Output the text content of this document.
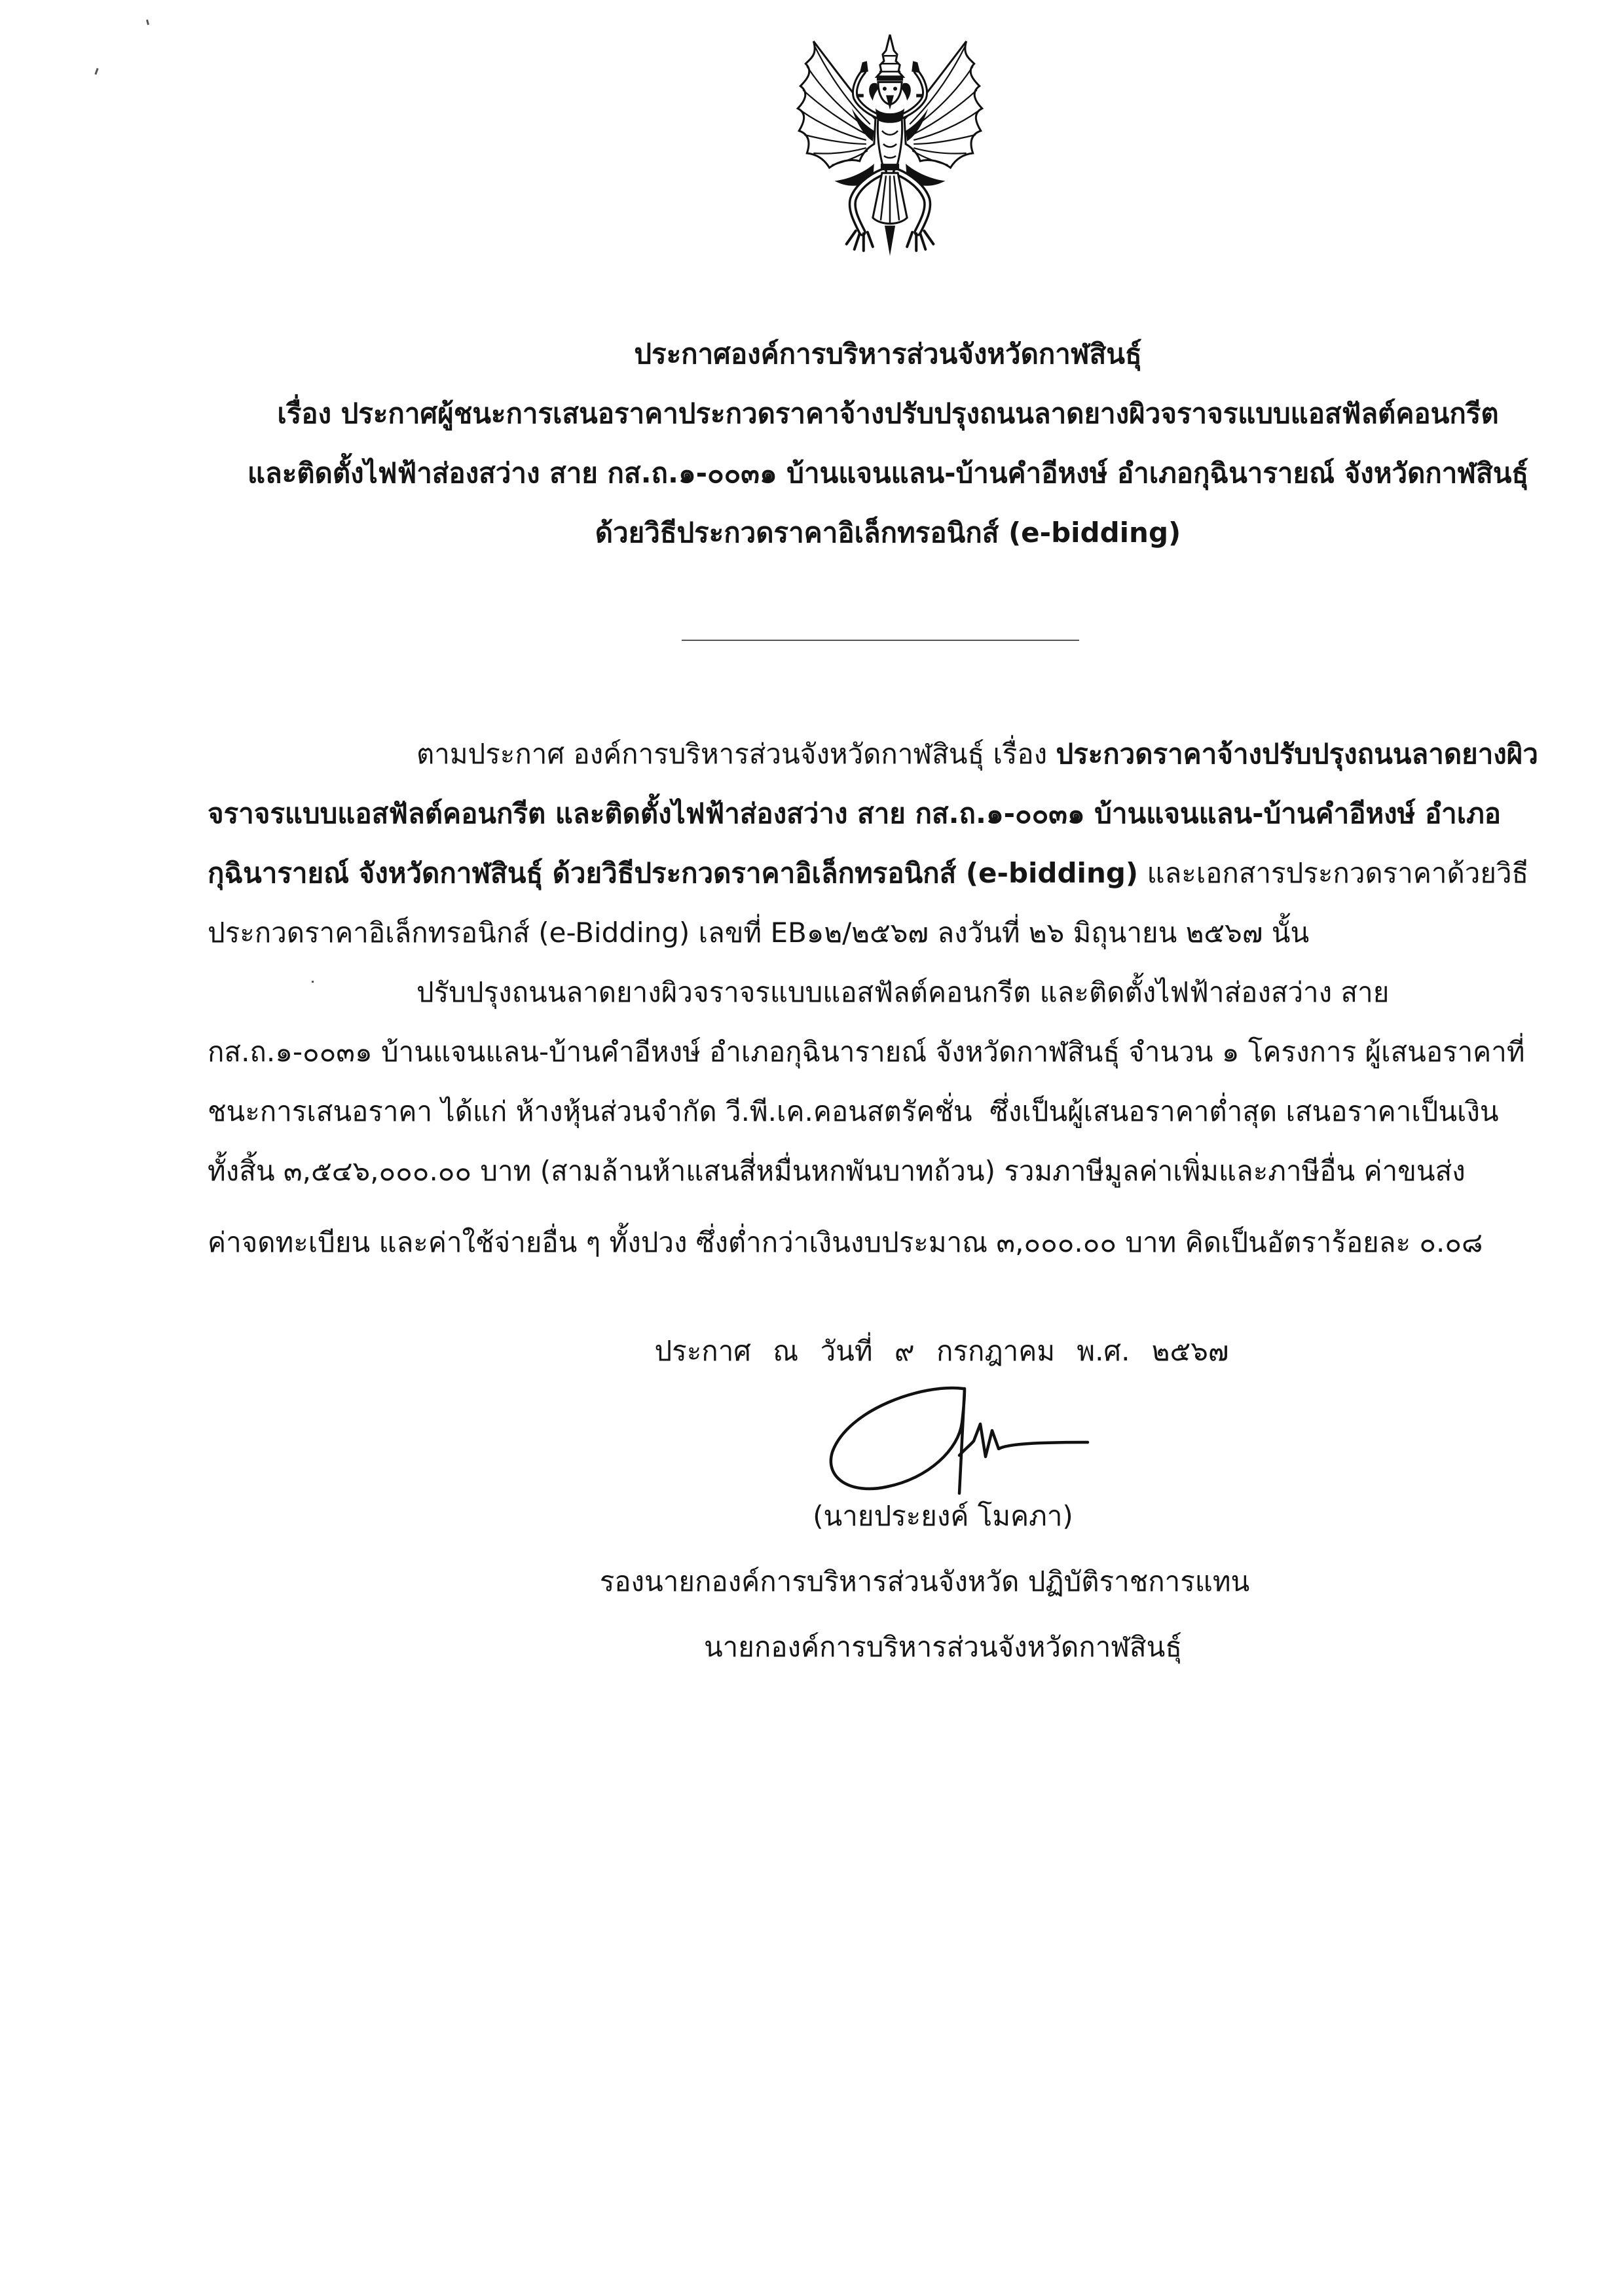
ประกาศองค์การบริหารส่วนจังหวัดกาฬสินธุ์
เรื่อง ประกาศผู้ชนะการเสนอราคาประกวดราคาจ้างปรับปรุงถนนลาดยางผิวจราจรแบบแอสฟัลต์คอนกรีต
และติดตั้งไฟฟ้าส่องสว่าง สาย กส.ถ.๑-๐๐๓๑ บ้านแจนแลน-บ้านคำอีหงษ์ อำเภอกุฉินารายณ์ จังหวัดกาฬสินธุ์
ด้วยวิธีประกวดราคาอิเล็กทรอนิกส์ (e-bidding)
ตามประกาศ องค์การบริหารส่วนจังหวัดกาฬสินธุ์ เรื่อง ประกวดราคาจ้างปรับปรุงถนนลาดยางผิว
จราจรแบบแอสฟัลต์คอนกรีต และติดตั้งไฟฟ้าส่องสว่าง สาย กส.ถ.๑-๐๐๓๑ บ้านแจนแลน-บ้านคำอีหงษ์ อำเภอ
กุฉินารายณ์ จังหวัดกาฬสินธุ์ ด้วยวิธีประกวดราคาอิเล็กทรอนิกส์ (e-bidding) และเอกสารประกวดราคาด้วยวิธี
ประกวดราคาอิเล็กทรอนิกส์ (e-Bidding) เลขที่ EB๑๒/๒๕๖๗ ลงวันที่ ๒๖ มิถุนายน ๒๕๖๗ นั้น
ปรับปรุงถนนลาดยางผิวจราจรแบบแอสฟัลต์คอนกรีต และติดตั้งไฟฟ้าส่องสว่าง สาย
กส.ถ.๑-๐๐๓๑ บ้านแจนแลน-บ้านคำอีหงษ์ อำเภอกุฉินารายณ์ จังหวัดกาฬสินธุ์ จำนวน ๑ โครงการ ผู้เสนอราคาที่
ชนะการเสนอราคา ได้แก่ ห้างหุ้นส่วนจำกัด วี.พี.เค.คอนสตรัคชั่น  ซึ่งเป็นผู้เสนอราคาต่ำสุด เสนอราคาเป็นเงิน
ทั้งสิ้น ๓,๕๔๖,๐๐๐.๐๐ บาท (สามล้านห้าแสนสี่หมื่นหกพันบาทถ้วน) รวมภาษีมูลค่าเพิ่มและภาษีอื่น ค่าขนส่ง
ค่าจดทะเบียน และค่าใช้จ่ายอื่น ๆ ทั้งปวง ซึ่งต่ำกว่าเงินงบประมาณ ๓,๐๐๐.๐๐ บาท คิดเป็นอัตราร้อยละ ๐.๐๘
ประกาศ ณ วันที่ ๙ กรกฎาคม พ.ศ. ๒๕๖๗
(นายประยงค์ โมคภา)
รองนายกองค์การบริหารส่วนจังหวัด ปฏิบัติราชการแทน
นายกองค์การบริหารส่วนจังหวัดกาฬสินธุ์
